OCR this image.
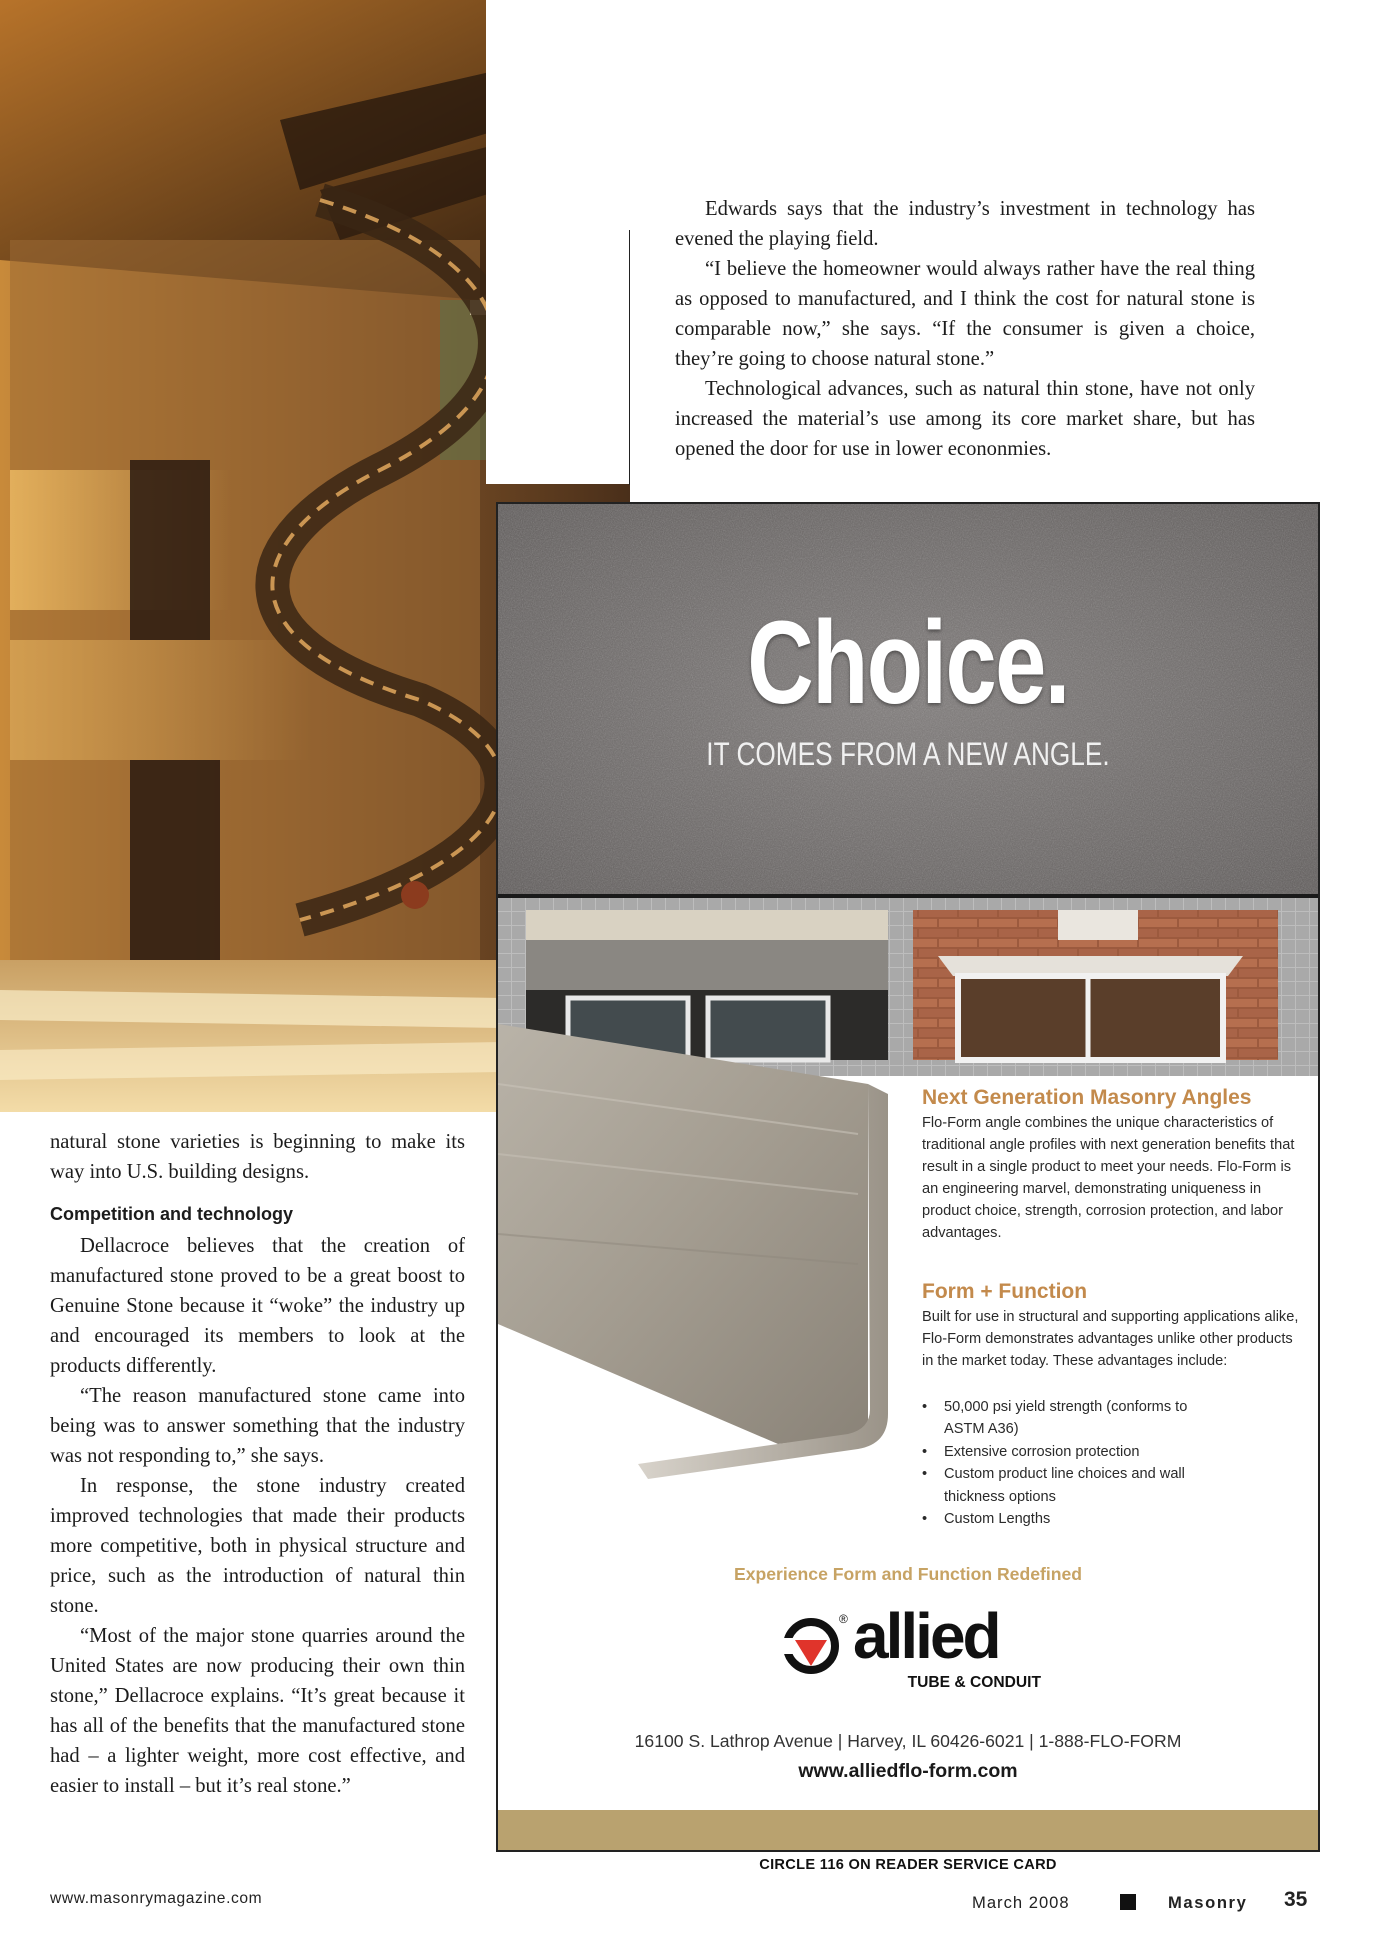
Edwards says that the industry’s investment in technology has evened the playing field.

“I believe the homeowner would always rather have the real thing as opposed to manufactured, and I think the cost for natural stone is comparable now,” she says. “If the consumer is given a choice, they’re going to choose natural stone.”

Technological advances, such as natural thin stone, have not only increased the material’s use among its core market share, but has opened the door for use in lower econonmies.

natural stone varieties is beginning to make its way into U.S. building designs.

Competition and technology

Dellacroce believes that the creation of manufactured stone proved to be a great boost to Genuine Stone because it “woke” the industry up and encouraged its members to look at the products differently.

“The reason manufactured stone came into being was to answer something that the industry was not responding to,” she says.

In response, the stone industry created improved technologies that made their products more competitive, both in physical structure and price, such as the introduction of natural thin stone.

“Most of the major stone quarries around the United States are now producing their own thin stone,” Dellacroce explains. “It’s great because it has all of the benefits that the manufactured stone had – a lighter weight, more cost effective, and easier to install – but it’s real stone.”

Choice.
IT COMES FROM A NEW ANGLE.
Next Generation Masonry Angles
Flo-Form angle combines the unique characteristics of traditional angle profiles with next generation benefits that result in a single product to meet your needs. Flo-Form is an engineering marvel, demonstrating uniqueness in product choice, strength, corrosion protection, and labor advantages.
Form + Function
Built for use in structural and supporting applications alike, Flo-Form demonstrates advantages unlike other products in the market today. These advantages include:
• 50,000 psi yield strength (conforms to ASTM A36)
• Extensive corrosion protection
• Custom product line choices and wall thickness options
• Custom Lengths
Experience Form and Function Redefined
® allied
TUBE & CONDUIT
16100 S. Lathrop Avenue | Harvey, IL 60426-6021 | 1-888-FLO-FORM
www.alliedflo-form.com
CIRCLE 116 ON READER SERVICE CARD
www.masonrymagazine.com	March 2008	Masonry 35
